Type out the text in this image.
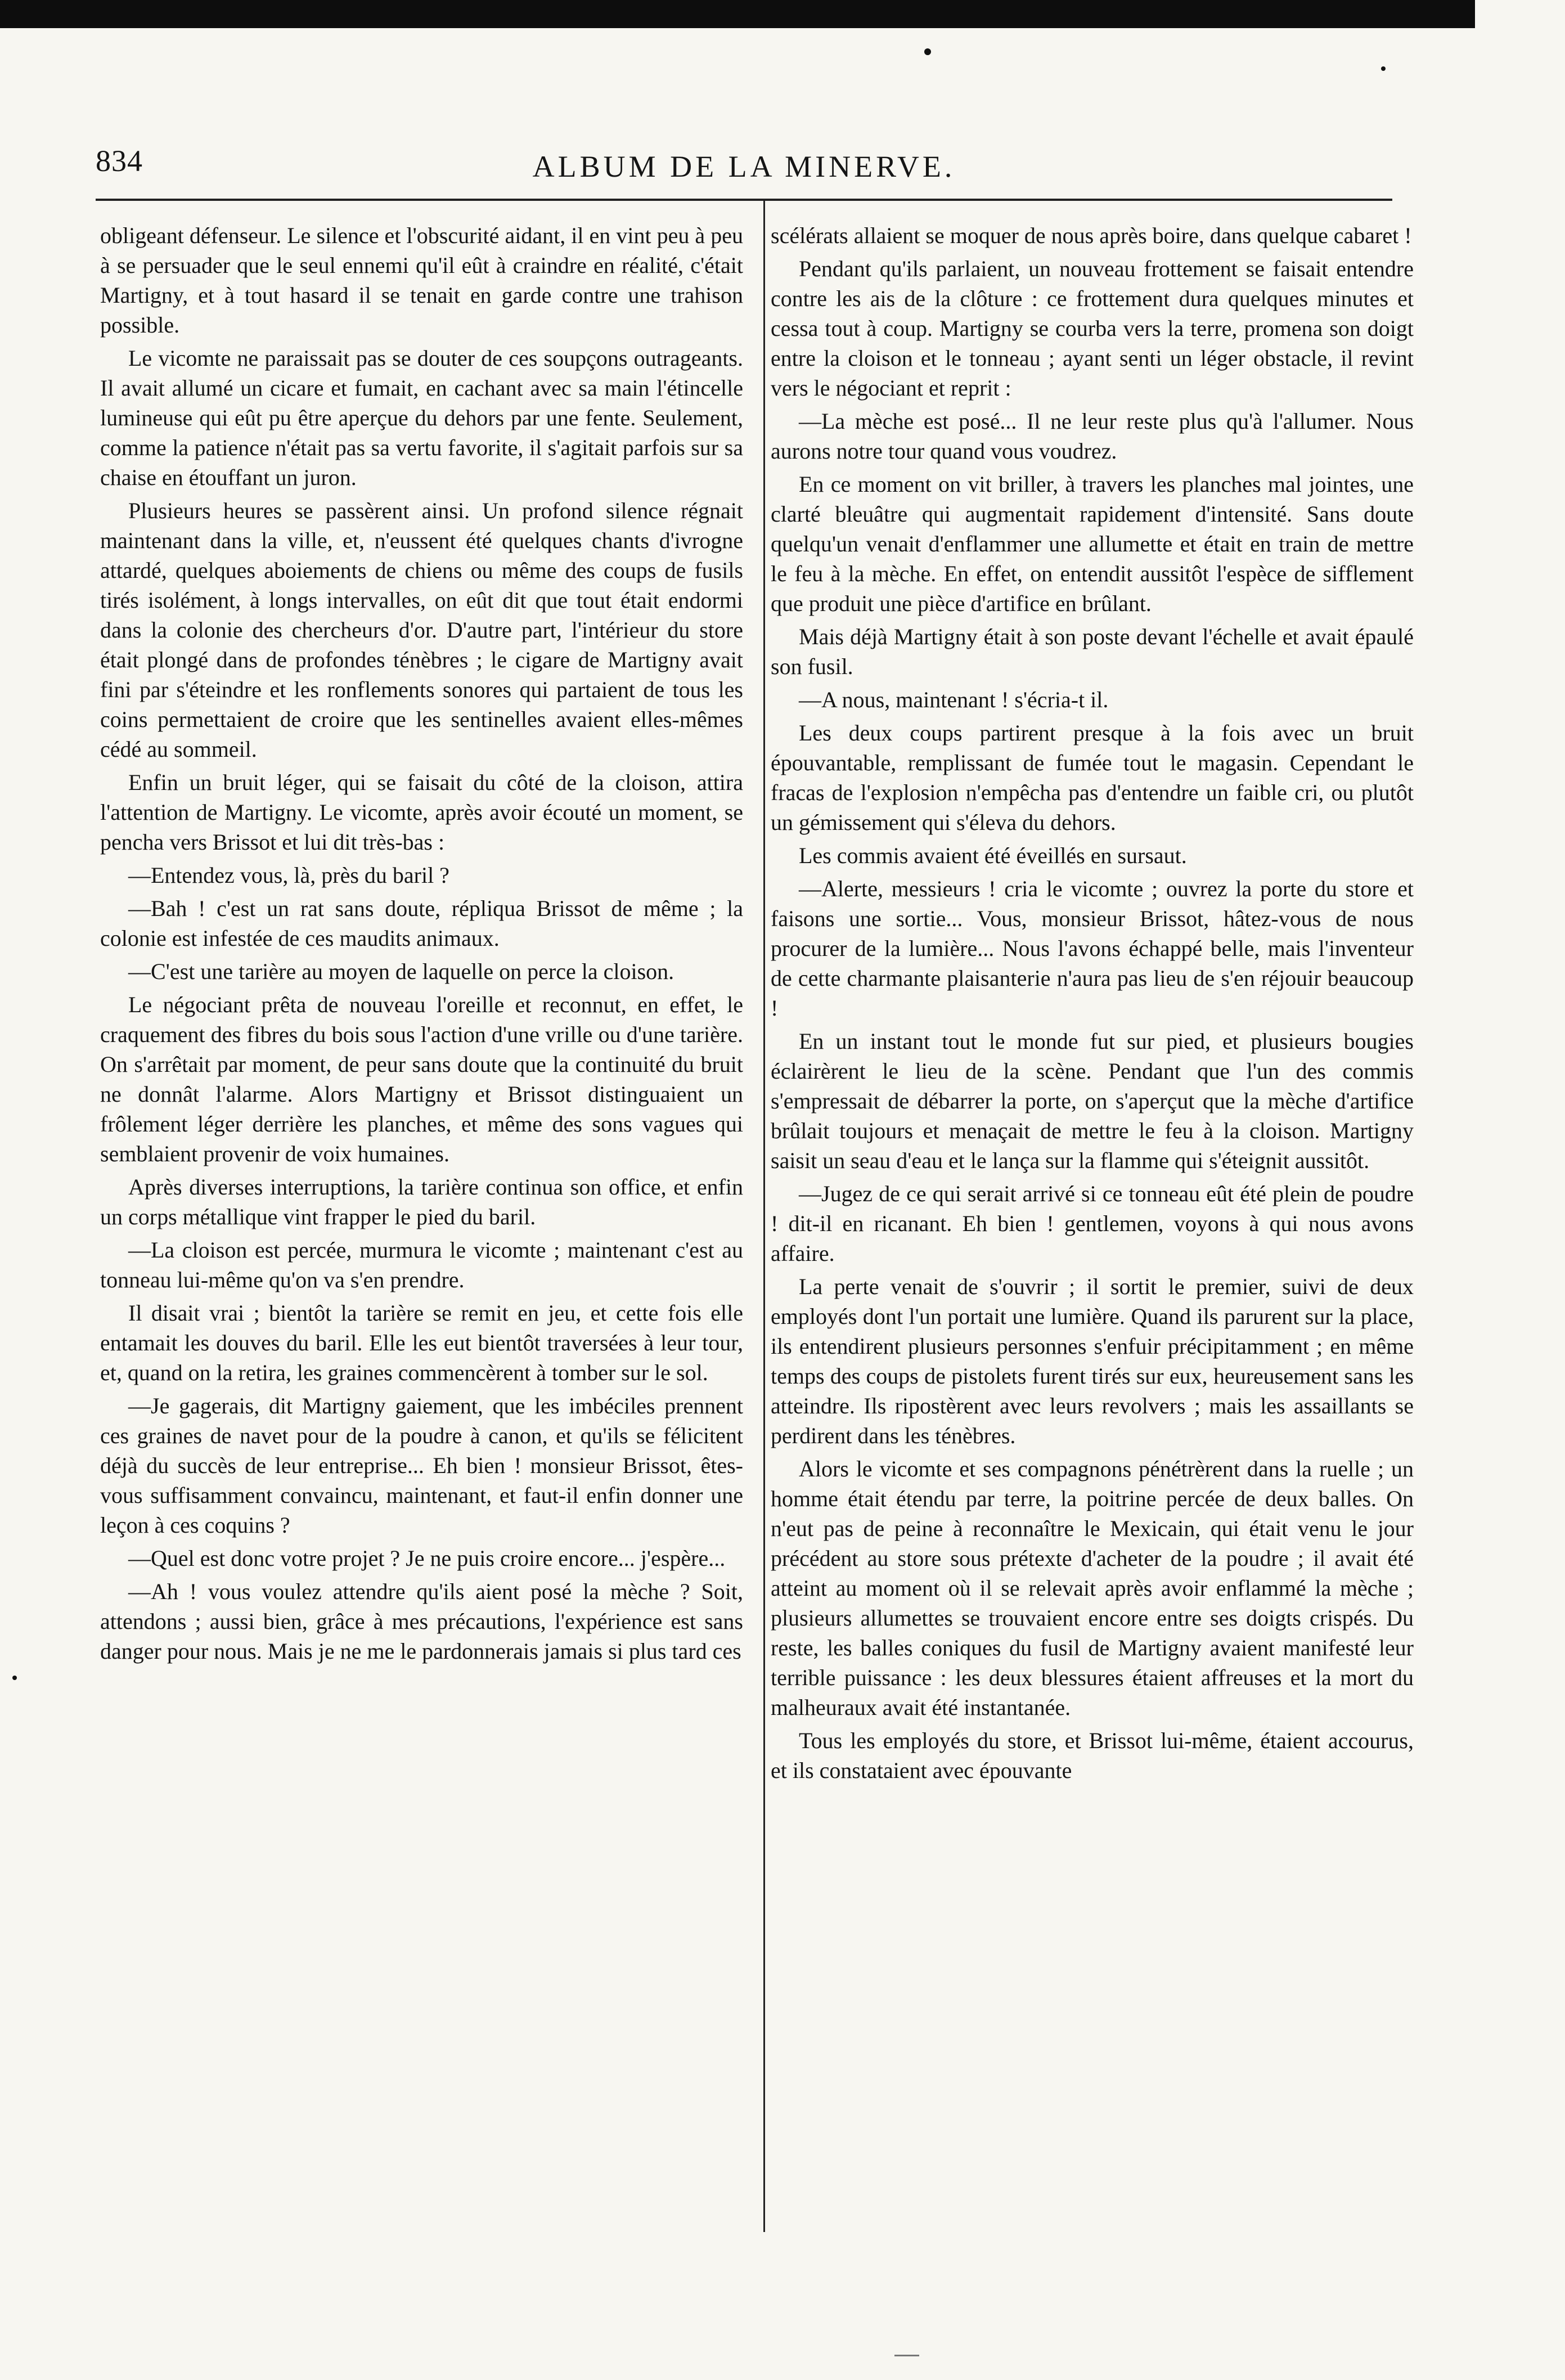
834	ALBUM DE LA MINERVE.

obligeant défenseur. Le silence et l'obscurité aidant, il en vint peu à peu à se persuader que le seul ennemi qu'il eût à craindre en réalité, c'était Martigny, et à tout hasard il se tenait en garde contre une trahison possible.

Le vicomte ne paraissait pas se douter de ces soupçons outrageants. Il avait allumé un cicare et fumait, en cachant avec sa main l'étincelle lumineuse qui eût pu être aperçue du dehors par une fente. Seulement, comme la patience n'était pas sa vertu favorite, il s'agitait parfois sur sa chaise en étouffant un juron.

Plusieurs heures se passèrent ainsi. Un profond silence régnait maintenant dans la ville, et, n'eussent été quelques chants d'ivrogne attardé, quelques aboiements de chiens ou même des coups de fusils tirés isolément, à longs intervalles, on eût dit que tout était endormi dans la colonie des chercheurs d'or. D'autre part, l'intérieur du store était plongé dans de profondes ténèbres ; le cigare de Martigny avait fini par s'éteindre et les ronflements sonores qui partaient de tous les coins permettaient de croire que les sentinelles avaient elles-mêmes cédé au sommeil.

Enfin un bruit léger, qui se faisait du côté de la cloison, attira l'attention de Martigny. Le vicomte, après avoir écouté un moment, se pencha vers Brissot et lui dit très-bas :

—Entendez vous, là, près du baril ?

—Bah ! c'est un rat sans doute, répliqua Brissot de même ; la colonie est infestée de ces maudits animaux.

—C'est une tarière au moyen de laquelle on perce la cloison.

Le négociant prêta de nouveau l'oreille et reconnut, en effet, le craquement des fibres du bois sous l'action d'une vrille ou d'une tarière. On s'arrêtait par moment, de peur sans doute que la continuité du bruit ne donnât l'alarme. Alors Martigny et Brissot distinguaient un frôlement léger derrière les planches, et même des sons vagues qui semblaient provenir de voix humaines.

Après diverses interruptions, la tarière continua son office, et enfin un corps métallique vint frapper le pied du baril.

—La cloison est percée, murmura le vicomte ; maintenant c'est au tonneau lui-même qu'on va s'en prendre.

Il disait vrai ; bientôt la tarière se remit en jeu, et cette fois elle entamait les douves du baril. Elle les eut bientôt traversées à leur tour, et, quand on la retira, les graines commencèrent à tomber sur le sol.

—Je gagerais, dit Martigny gaiement, que les imbéciles prennent ces graines de navet pour de la poudre à canon, et qu'ils se félicitent déjà du succès de leur entreprise... Eh bien ! monsieur Brissot, êtes-vous suffisamment convaincu, maintenant, et faut-il enfin donner une leçon à ces coquins ?

—Quel est donc votre projet ? Je ne puis croire encore... j'espère...

—Ah ! vous voulez attendre qu'ils aient posé la mèche ? Soit, attendons ; aussi bien, grâce à mes précautions, l'expérience est sans danger pour nous. Mais je ne me le pardonnerais jamais si plus tard ces

scélérats allaient se moquer de nous après boire, dans quelque cabaret !

Pendant qu'ils parlaient, un nouveau frottement se faisait entendre contre les ais de la clôture : ce frottement dura quelques minutes et cessa tout à coup. Martigny se courba vers la terre, promena son doigt entre la cloison et le tonneau ; ayant senti un léger obstacle, il revint vers le négociant et reprit :

—La mèche est posé... Il ne leur reste plus qu'à l'allumer. Nous aurons notre tour quand vous voudrez.

En ce moment on vit briller, à travers les planches mal jointes, une clarté bleuâtre qui augmentait rapidement d'intensité. Sans doute quelqu'un venait d'enflammer une allumette et était en train de mettre le feu à la mèche. En effet, on entendit aussitôt l'espèce de sifflement que produit une pièce d'artifice en brûlant.

Mais déjà Martigny était à son poste devant l'échelle et avait épaulé son fusil.

—A nous, maintenant ! s'écria-t il.

Les deux coups partirent presque à la fois avec un bruit épouvantable, remplissant de fumée tout le magasin. Cependant le fracas de l'explosion n'empêcha pas d'entendre un faible cri, ou plutôt un gémissement qui s'éleva du dehors.

Les commis avaient été éveillés en sursaut.

—Alerte, messieurs ! cria le vicomte ; ouvrez la porte du store et faisons une sortie... Vous, monsieur Brissot, hâtez-vous de nous procurer de la lumière... Nous l'avons échappé belle, mais l'inventeur de cette charmante plaisanterie n'aura pas lieu de s'en réjouir beaucoup !

En un instant tout le monde fut sur pied, et plusieurs bougies éclairèrent le lieu de la scène. Pendant que l'un des commis s'empressait de débarrer la porte, on s'aperçut que la mèche d'artifice brûlait toujours et menaçait de mettre le feu à la cloison. Martigny saisit un seau d'eau et le lança sur la flamme qui s'éteignit aussitôt.

—Jugez de ce qui serait arrivé si ce tonneau eût été plein de poudre ! dit-il en ricanant. Eh bien ! gentlemen, voyons à qui nous avons affaire.

La perte venait de s'ouvrir ; il sortit le premier, suivi de deux employés dont l'un portait une lumière. Quand ils parurent sur la place, ils entendirent plusieurs personnes s'enfuir précipitamment ; en même temps des coups de pistolets furent tirés sur eux, heureusement sans les atteindre. Ils ripostèrent avec leurs revolvers ; mais les assaillants se perdirent dans les ténèbres.

Alors le vicomte et ses compagnons pénétrèrent dans la ruelle ; un homme était étendu par terre, la poitrine percée de deux balles. On n'eut pas de peine à reconnaître le Mexicain, qui était venu le jour précédent au store sous prétexte d'acheter de la poudre ; il avait été atteint au moment où il se relevait après avoir enflammé la mèche ; plusieurs allumettes se trouvaient encore entre ses doigts crispés. Du reste, les balles coniques du fusil de Martigny avaient manifesté leur terrible puissance : les deux blessures étaient affreuses et la mort du malheuraux avait été instantanée.

Tous les employés du store, et Brissot lui-même, étaient accourus, et ils constataient avec épouvante
